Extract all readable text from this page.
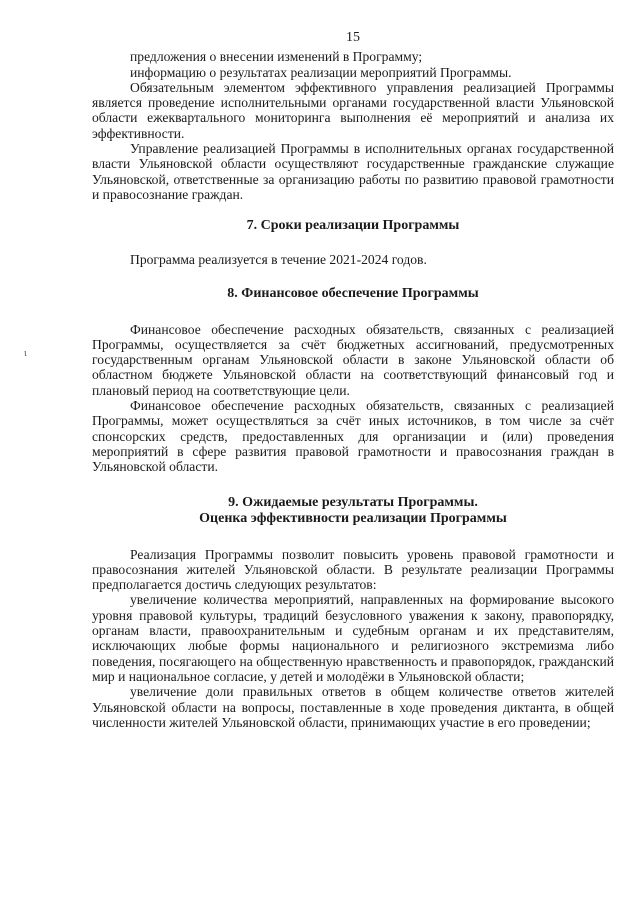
ι
15

предложения о внесении изменений в Программу;

информацию о результатах реализации мероприятий Программы.

Обязательным элементом эффективного управления реализацией Программы является проведение исполнительными органами государственной власти Ульяновской области ежеквартального мониторинга выполнения её мероприятий и анализа их эффективности.

Управление реализацией Программы в исполнительных органах государственной власти Ульяновской области осуществляют государственные гражданские служащие Ульяновской, ответственные за организацию работы по развитию правовой грамотности и правосознание граждан.

7. Сроки реализации Программы

Программа реализуется в течение 2021-2024 годов.

8. Финансовое обеспечение Программы

Финансовое обеспечение расходных обязательств, связанных с реализацией Программы, осуществляется за счёт бюджетных ассигнований, предусмотренных государственным органам Ульяновской области в законе Ульяновской области об областном бюджете Ульяновской области на соответствующий финансовый год и плановый период на соответствующие цели.

Финансовое обеспечение расходных обязательств, связанных с реализацией Программы, может осуществляться за счёт иных источников, в том числе за счёт спонсорских средств, предоставленных для организации и (или) проведения мероприятий в сфере развития правовой грамотности и правосознания граждан в Ульяновской области.

9. Ожидаемые результаты Программы.
Оценка эффективности реализации Программы

Реализация Программы позволит повысить уровень правовой грамотности и правосознания жителей Ульяновской области. В результате реализации Программы предполагается достичь следующих результатов:

увеличение количества мероприятий, направленных на формирование высокого уровня правовой культуры, традиций безусловного уважения к закону, правопорядку, органам власти, правоохранительным и судебным органам и их представителям, исключающих любые формы национального и религиозного экстремизма либо поведения, посягающего на общественную нравственность и правопорядок, гражданский мир и национальное согласие, у детей и молодёжи в Ульяновской области;

увеличение доли правильных ответов в общем количестве ответов жителей Ульяновской области на вопросы, поставленные в ходе проведения диктанта, в общей численности жителей Ульяновской области, принимающих участие в его проведении;
